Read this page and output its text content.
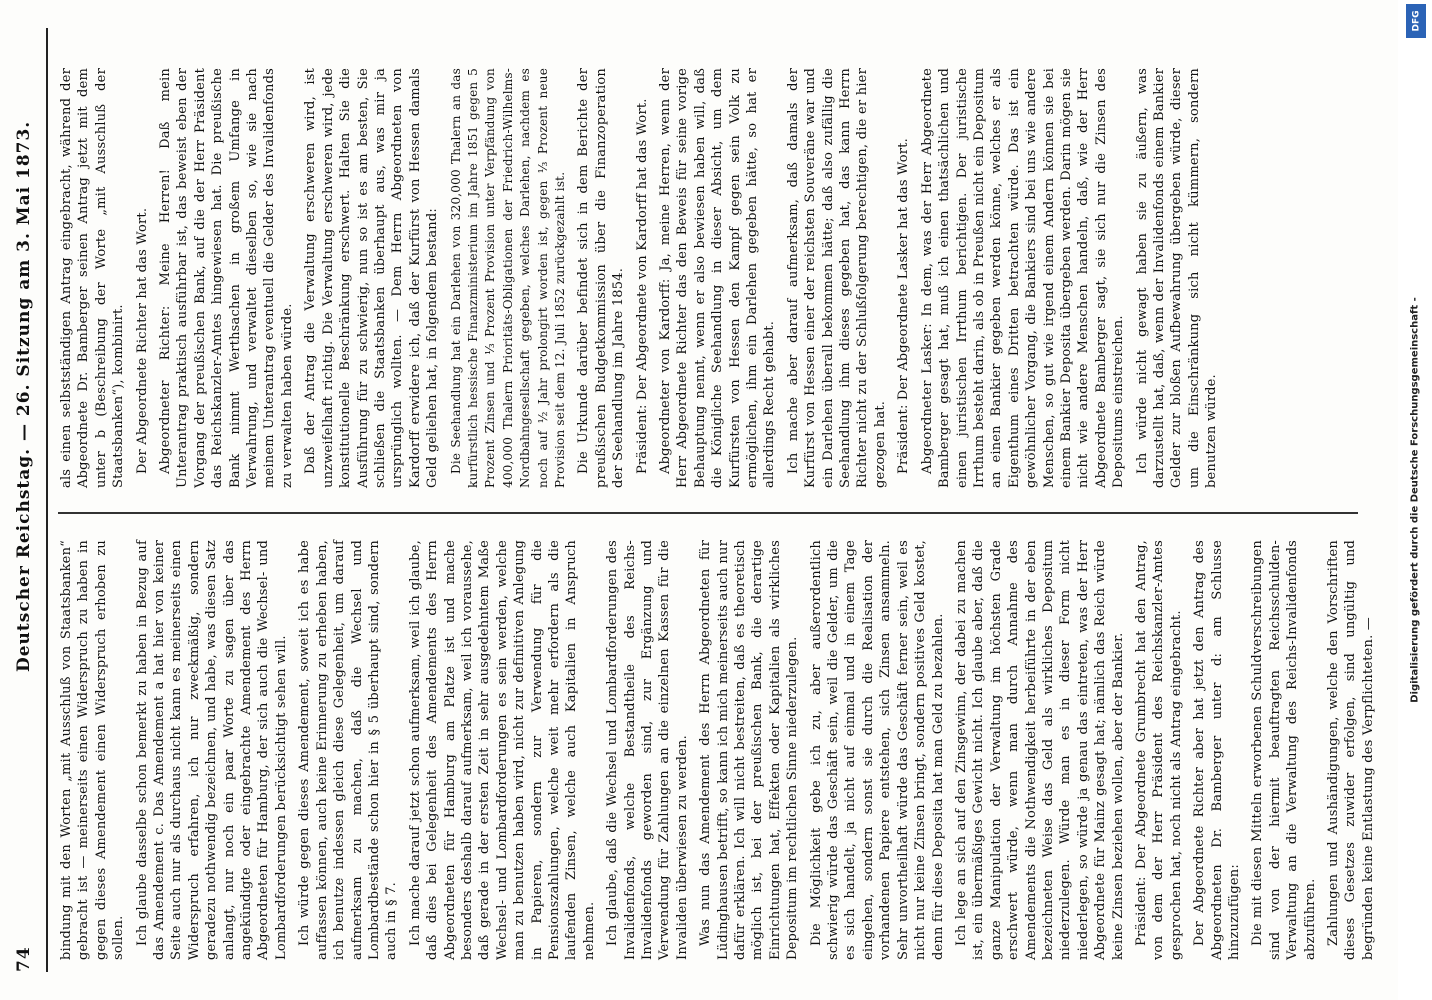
74
Deutscher Reichstag. — 26. Sitzung am 3. Mai 1873.

bindung mit den Worten „mit Ausschluß von Staatsbanken“ gebracht ist — meinerseits einen Widerspruch zu haben in gegen dieses Amendement einen Widerspruch erhoben zu sollen. Ich glaube dasselbe schon bemerkt zu haben in Bezug auf das Amendement c. Das Amendement a hat hier von keiner Seite auch nur als durchaus nicht kann es meinerseits einen Widerspruch erfahren, ich nur zweckmäßig, sondern geradezu nothwendig bezeichnen, und habe, was diesen Satz anlangt, nur noch ein paar Worte zu sagen über das angekündigte oder eingebrachte Amendement des Herrn Abgeordneten für Hamburg, der sich auch die Wechsel- und Lombardforderungen berücksichtigt sehen will. Ich würde gegen dieses Amendement, soweit ich es habe auffassen können, auch keine Erinnerung zu erheben haben, ich benutze indessen gleich diese Gelegenheit, um darauf aufmerksam zu machen, daß die Wechsel und Lombardbestände schon hier in § 5 überhaupt sind, sondern auch in § 7. Ich mache darauf jetzt schon aufmerksam, weil ich glaube, daß dies bei Gelegenheit des Amendements des Herrn Abgeordneten für Hamburg am Platze ist und mache besonders deshalb darauf aufmerksam, weil ich voraussehe, daß gerade in der ersten Zeit in sehr ausgedehntem Maße Wechsel- und Lombardforderungen es sein werden, welche man zu benutzen haben wird, nicht zur definitiven Anlegung in Papieren, sondern zur Verwendung für die Pensionszahlungen, welche weit mehr erfordern als die laufenden Zinsen, welche auch Kapitalien in Anspruch nehmen. Ich glaube, daß die Wechsel und Lombardforderungen des Invalidenfonds, welche Bestandtheile des Reichs-Invalidenfonds geworden sind, zur Ergänzung und Verwendung für Zahlungen an die einzelnen Kassen für die Invaliden überwiesen zu werden. Was nun das Amendement des Herrn Abgeordneten für Lüdinghausen betrifft, so kann ich mich meinerseits auch nur dafür erklären. Ich will nicht bestreiten, daß es theoretisch möglich ist, bei der preußischen Bank, die derartige Einrichtungen hat, Effekten oder Kapitalien als wirkliches Depositum im rechtlichen Sinne niederzulegen. Die Möglichkeit gebe ich zu, aber außerordentlich schwierig würde das Geschäft sein, weil die Gelder, um die es sich handelt, ja nicht auf einmal und in einem Tage eingehen, sondern sonst sie durch die Realisation der vorhandenen Papiere entstehen, sich Zinsen ansammeln. Sehr unvortheilhaft würde das Geschäft ferner sein, weil es nicht nur keine Zinsen bringt, sondern positives Geld kostet, denn für diese Deposita hat man Geld zu bezahlen. Ich lege an sich auf den Zinsgewinn, der dabei zu machen ist, ein übermäßiges Gewicht nicht. Ich glaube aber, daß die ganze Manipulation der Verwaltung im höchsten Grade erschwert würde, wenn man durch Annahme des Amendements die Nothwendigkeit herbeiführte in der eben bezeichneten Weise das Geld als wirkliches Depositum niederzulegen. Würde man es in dieser Form nicht niederlegen, so würde ja genau das eintreten, was der Herr Abgeordnete für Mainz gesagt hat; nämlich das Reich würde keine Zinsen beziehen wollen, aber der Bankier. Präsident: Der Abgeordnete Grumbrecht hat den Antrag, von dem der Herr Präsident des Reichskanzler-Amtes gesprochen hat, noch nicht als Antrag eingebracht. Der Abgeordnete Richter aber hat jetzt den Antrag des Abgeordneten Dr. Bamberger unter d: am Schlusse hinzuzufügen: Die mit diesen Mitteln erworbenen Schuldverschreibungen sind von der hiermit beauftragten Reichsschulden-Verwaltung an die Verwaltung des Reichs-Invalidenfonds abzuführen. Zahlungen und Aushändigungen, welche den Vorschriften dieses Gesetzes zuwider erfolgen, sind ungültig und begründen keine Entlastung des Verpflichteten. —

als einen selbstständigen Antrag eingebracht, während der Abgeordnete Dr. Bamberger seinen Antrag jetzt mit dem unter b (Beschreibung der Worte „mit Ausschluß der Staatsbanken“), kombinirt. Der Abgeordnete Richter hat das Wort. Abgeordneter Richter: Meine Herren! Daß mein Unterantrag praktisch ausführbar ist, das beweist eben der Vorgang der preußischen Bank, auf die der Herr Präsident das Reichskanzler-Amtes hingewiesen hat. Die preußische Bank nimmt Werthsachen in großem Umfange in Verwahrung, und verwaltet dieselben so, wie sie nach meinem Unterantrag eventuell die Gelder des Invalidenfonds zu verwalten haben würde. Daß der Antrag die Verwaltung erschweren wird, ist unzweifelhaft richtig. Die Verwaltung erschweren wird, jede konstitutionelle Beschränkung erschwert. Halten Sie die Ausführung für zu schwierig, nun so ist es am besten, Sie schließen die Staatsbanken überhaupt aus, was mir ja ursprünglich wollten. — Dem Herrn Abgeordneten von Kardorff erwidere ich, daß der Kurfürst von Hessen damals Geld geliehen hat, in folgendem bestand: Die Seehandlung hat ein Darlehen von 320,000 Thalern an das kurfürstlich hessische Finanzministerium im Jahre 1851 gegen 5 Prozent Zinsen und ⅓ Prozent Provision unter Verpfändung von 400,000 Thalern Prioritäts-Obligationen der Friedrich-Wilhelms-Nordbahngesellschaft gegeben, welches Darlehen, nachdem es noch auf ½ Jahr prolongirt worden ist, gegen ⅓ Prozent neue Provision seit dem 12. Juli 1852 zurückgezahlt ist. Die Urkunde darüber befindet sich in dem Berichte der preußischen Budgetkommission über die Finanzoperation der Seehandlung im Jahre 1854. Präsident: Der Abgeordnete von Kardorff hat das Wort. Abgeordneter von Kardorff: Ja, meine Herren, wenn der Herr Abgeordnete Richter das den Beweis für seine vorige Behauptung nennt, wenn er also bewiesen haben will, daß die Königliche Seehandlung in dieser Absicht, um dem Kurfürsten von Hessen den Kampf gegen sein Volk zu ermöglichen, ihm ein Darlehen gegeben hätte, so hat er allerdings Recht gehabt. Ich mache aber darauf aufmerksam, daß damals der Kurfürst von Hessen einer der reichsten Souveräne war und ein Darlehen überall bekommen hätte; daß also zufällig die Seehandlung ihm dieses gegeben hat, das kann Herrn Richter nicht zu der Schlußfolgerung berechtigen, die er hier gezogen hat. Präsident: Der Abgeordnete Lasker hat das Wort. Abgeordneter Lasker: In dem, was der Herr Abgeordnete Bamberger gesagt hat, muß ich einen thatsächlichen und einen juristischen Irrthum berichtigen. Der juristische Irrthum besteht darin, als ob in Preußen nicht ein Depositum an einen Bankier gegeben werden könne, welches er als Eigenthum eines Dritten betrachten würde. Das ist ein gewöhnlicher Vorgang, die Bankiers sind bei uns wie andere Menschen, so gut wie irgend einem Andern können sie bei einem Bankier Deposita übergeben werden. Darin mögen sie nicht wie andere Menschen handeln, daß, wie der Herr Abgeordnete Bamberger sagt, sie sich nur die Zinsen des Depositums einstreichen. Ich würde nicht gewagt haben sie zu äußern, was darzustellt hat, daß, wenn der Invalidenfonds einem Bankier Gelder zur bloßen Aufbewahrung übergeben würde, dieser um die Einschränkung sich nicht kümmern, sondern benutzen würde.	Digitalisierung gefördert durch die Deutsche Forschungsgemeinschaft -
DFG
